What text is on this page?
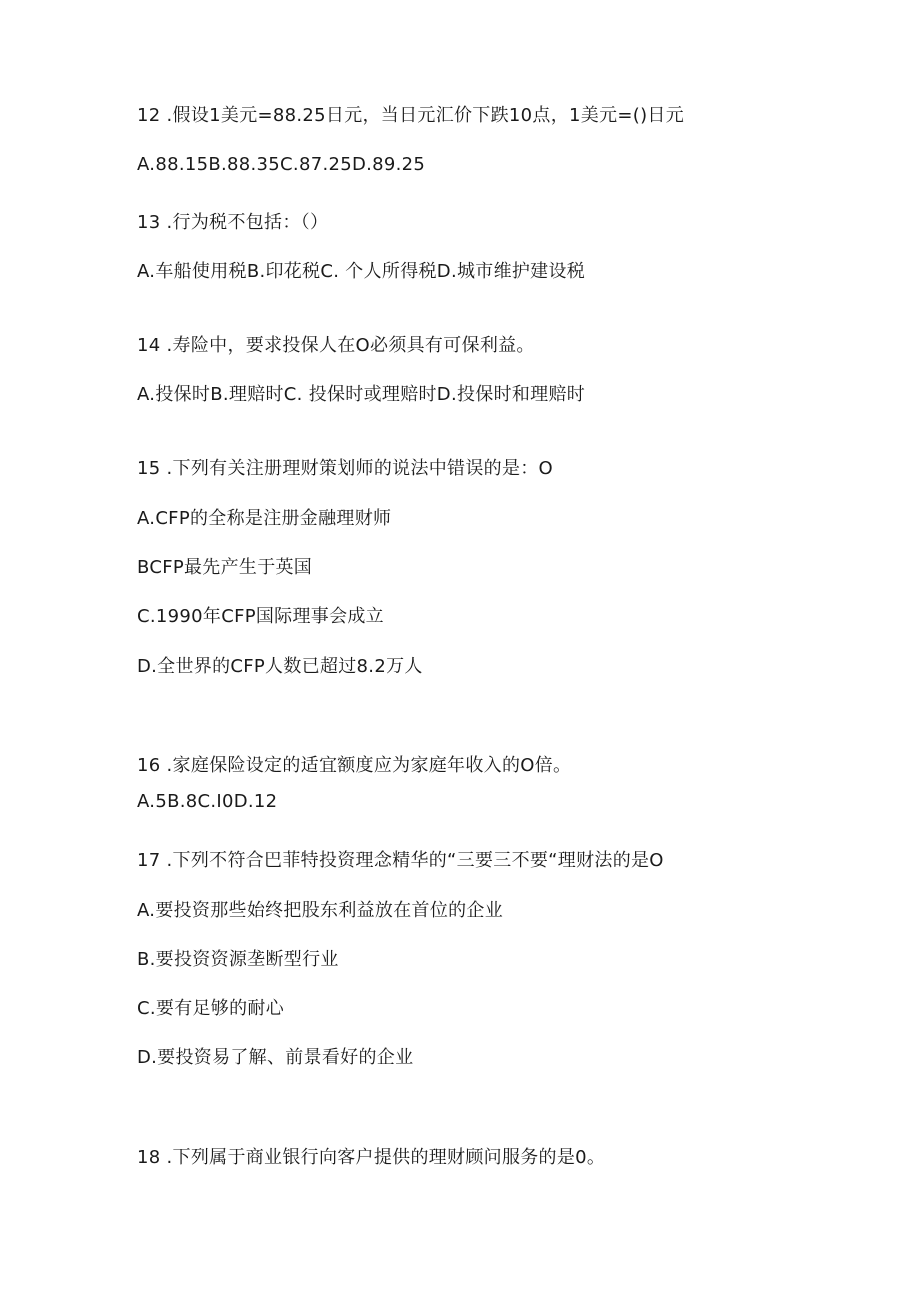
12 .假设1美元=88.25日元，当日元汇价下跌10点，1美元=()日元
A.88.15B.88.35C.87.25D.89.25
13 .行为税不包括：（）
A.车船使用税B.印花税C. 个人所得税D.城市维护建设税
14 .寿险中，要求投保人在O必须具有可保利益。
A.投保时B.理赔时C. 投保时或理赔时D.投保时和理赔时
15 .下列有关注册理财策划师的说法中错误的是：O
A.CFP的全称是注册金融理财师
BCFP最先产生于英国
C.1990年CFP国际理事会成立
D.全世界的CFP人数已超过8.2万人
16 .家庭保险设定的适宜额度应为家庭年收入的O倍。
A.5B.8C.I0D.12
17 .下列不符合巴菲特投资理念精华的“三要三不要“理财法的是O
A.要投资那些始终把股东利益放在首位的企业
B.要投资资源垄断型行业
C.要有足够的耐心
D.要投资易了解、前景看好的企业
18 .下列属于商业银行向客户提供的理财顾问服务的是0。
